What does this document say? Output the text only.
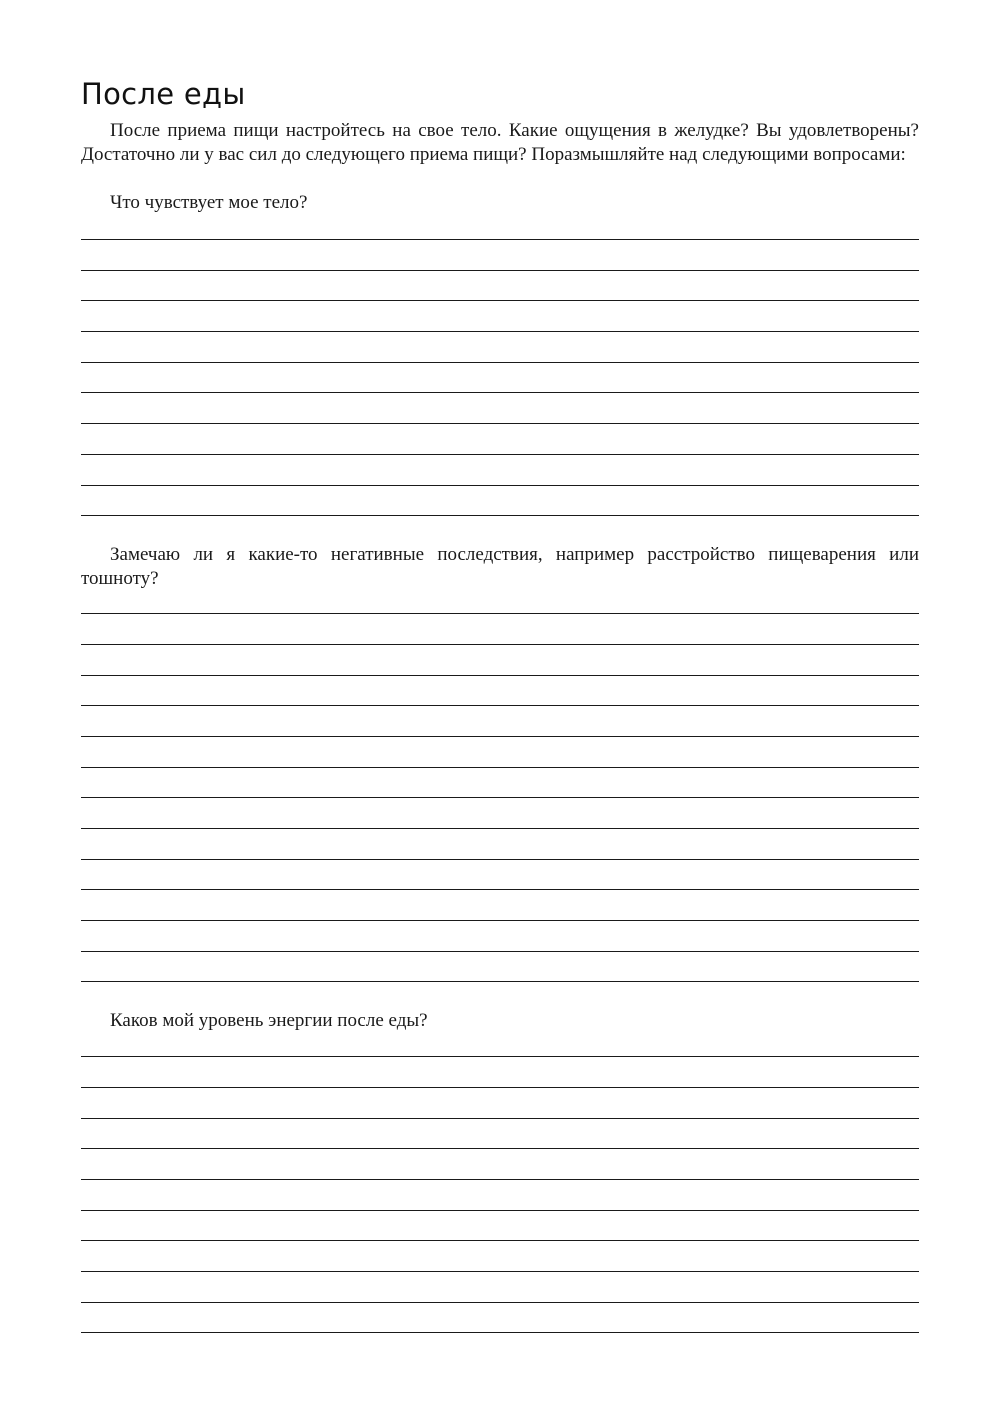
После еды

После приема пищи настройтесь на свое тело. Какие ощущения в желудке? Вы удовлетворены? Достаточно ли у вас сил до следующего приема пищи? Поразмышляйте над следующими вопросами:

Что чувствует мое тело?

Замечаю ли я какие-то негативные последствия, например расстройство пищеварения или тошноту?

Каков мой уровень энергии после еды?
